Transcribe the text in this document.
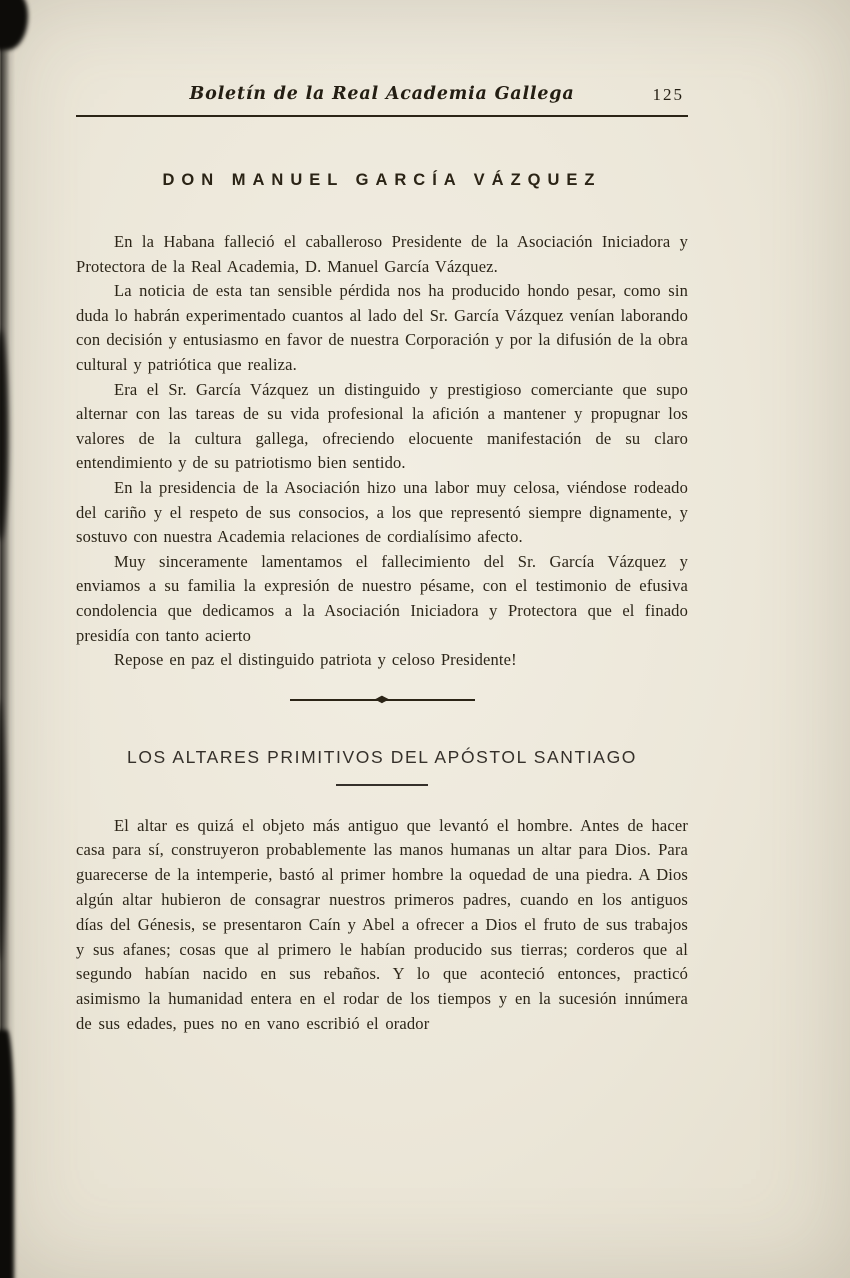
Boletín de la Real Academia Gallega	125
DON MANUEL GARCÍA VÁZQUEZ

En la Habana falleció el caballeroso Presidente de la Asociación Iniciadora y Protectora de la Real Academia, D. Manuel García Vázquez.

La noticia de esta tan sensible pérdida nos ha producido hondo pesar, como sin duda lo habrán experimentado cuantos al lado del Sr. García Vázquez venían laborando con decisión y entusiasmo en favor de nuestra Corporación y por la difusión de la obra cultural y patriótica que realiza.

Era el Sr. García Vázquez un distinguido y prestigioso comerciante que supo alternar con las tareas de su vida profesional la afición a mantener y propugnar los valores de la cultura gallega, ofreciendo elocuente manifestación de su claro entendimiento y de su patriotismo bien sentido.

En la presidencia de la Asociación hizo una labor muy celosa, viéndose rodeado del cariño y el respeto de sus consocios, a los que representó siempre dignamente, y sostuvo con nuestra Academia relaciones de cordialísimo afecto.

Muy sinceramente lamentamos el fallecimiento del Sr. García Vázquez y enviamos a su familia la expresión de nuestro pésame, con el testimonio de efusiva condolencia que dedicamos a la Asociación Iniciadora y Protectora que el finado presidía con tanto acierto

Repose en paz el distinguido patriota y celoso Presidente!

◆
LOS ALTARES PRIMITIVOS DEL APÓSTOL SANTIAGO

El altar es quizá el objeto más antiguo que levantó el hombre. Antes de hacer casa para sí, construyeron probablemente las manos humanas un altar para Dios. Para guarecerse de la intemperie, bastó al primer hombre la oquedad de una piedra. A Dios algún altar hubieron de consagrar nuestros primeros padres, cuando en los antiguos días del Génesis, se presentaron Caín y Abel a ofrecer a Dios el fruto de sus trabajos y sus afanes; cosas que al primero le habían producido sus tierras; corderos que al segundo habían nacido en sus rebaños. Y lo que aconteció entonces, practicó asimismo la humanidad entera en el rodar de los tiempos y en la sucesión innúmera de sus edades, pues no en vano escribió el orador
